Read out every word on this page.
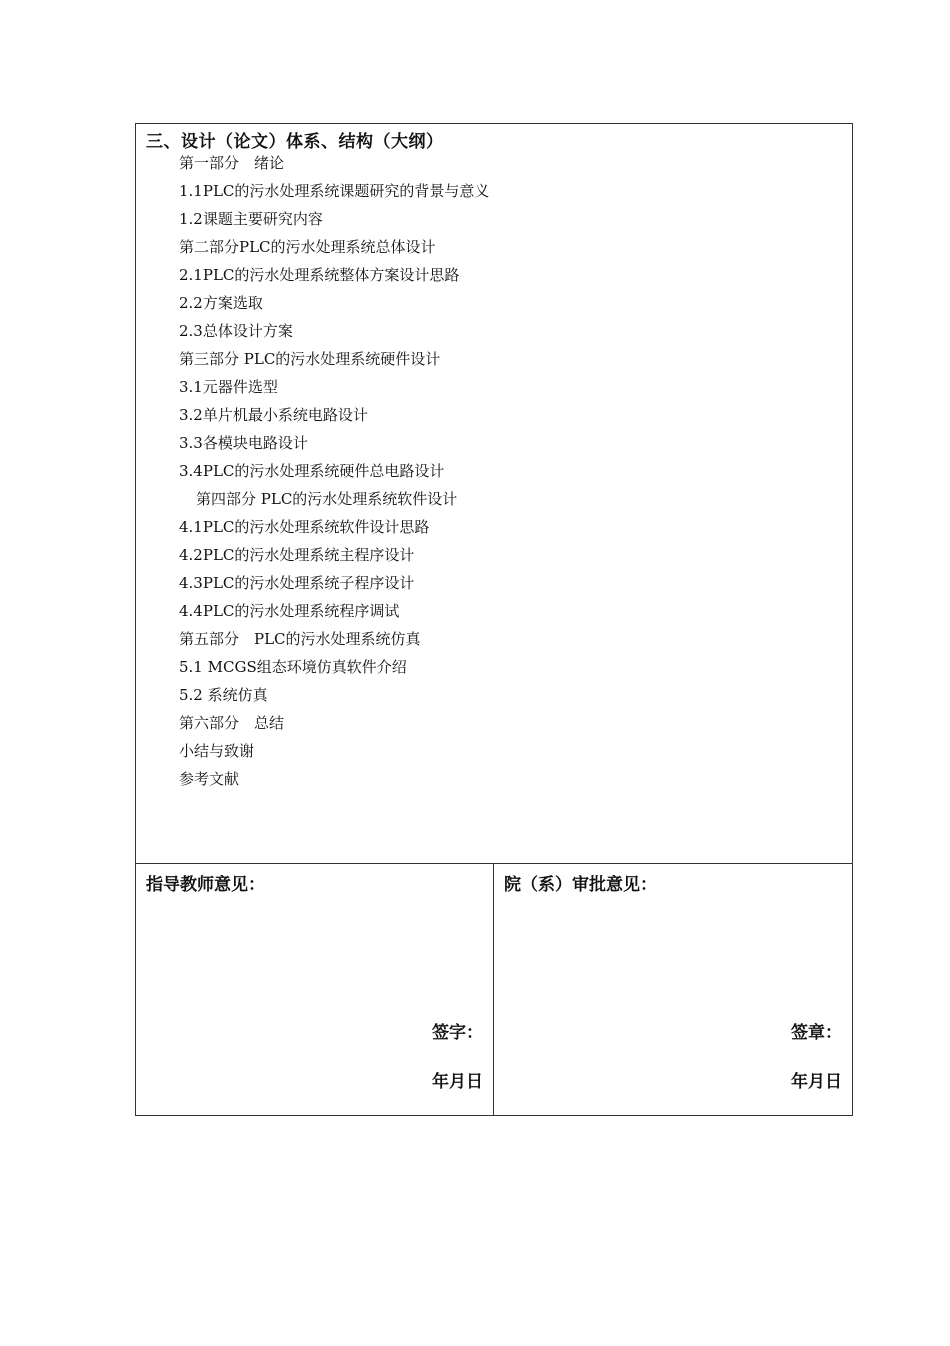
三、设计（论文）体系、结构（大纲）
第一部分　绪论
1.1PLC的污水处理系统课题研究的背景与意义
1.2课题主要研究内容
第二部分PLC的污水处理系统总体设计
2.1PLC的污水处理系统整体方案设计思路
2.2方案选取
2.3总体设计方案
第三部分 PLC的污水处理系统硬件设计
3.1元器件选型
3.2单片机最小系统电路设计
3.3各模块电路设计
3.4PLC的污水处理系统硬件总电路设计
第四部分 PLC的污水处理系统软件设计
4.1PLC的污水处理系统软件设计思路
4.2PLC的污水处理系统主程序设计
4.3PLC的污水处理系统子程序设计
4.4PLC的污水处理系统程序调试
第五部分　PLC的污水处理系统仿真
5.1 MCGS组态环境仿真软件介绍
5.2 系统仿真
第六部分　总结
小结与致谢
参考文献
指导教师意见：
签字：
年月日
院（系）审批意见：
签章：
年月日
